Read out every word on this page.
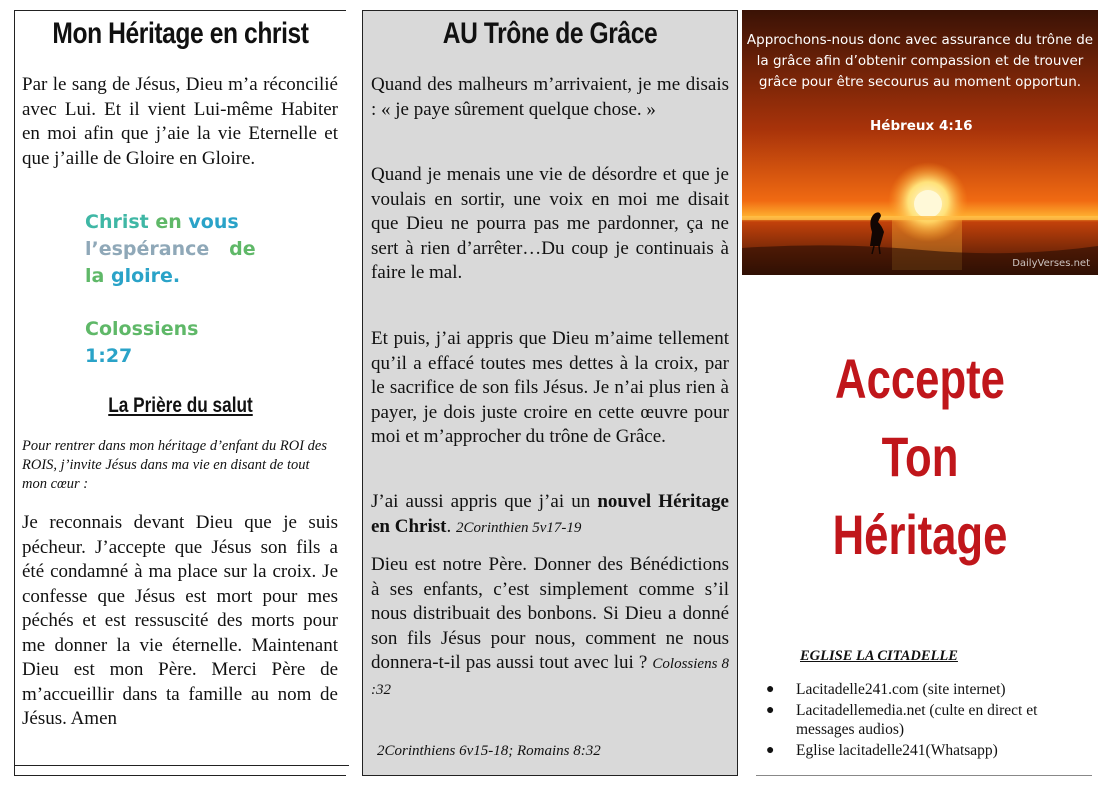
Mon Héritage en christ

Par le sang de Jésus, Dieu m’a réconcilié avec Lui. Et il vient Lui-même Habiter en moi afin que j’aie la vie Eternelle et que j’aille de Gloire en Gloire.

Christ en vous
l’espérance de
la gloire.
Colossiens
1:27
La Prière du salut
Pour rentrer dans mon héritage d’enfant du ROI des ROIS, j’invite Jésus dans ma vie en disant de tout mon cœur :

Je reconnais devant Dieu que je suis pécheur. J’accepte que Jésus son fils a été condamné à ma place sur la croix. Je confesse que Jésus est mort pour mes péchés et est ressuscité des morts pour me donner la vie éternelle. Maintenant Dieu est mon Père. Merci Père de m’accueillir dans ta famille au nom de Jésus. Amen

AU Trône de Grâce

Quand des malheurs m’arrivaient, je me disais : « je paye sûrement quelque chose. »

Quand je menais une vie de désordre et que je voulais en sortir, une voix en moi me disait que Dieu ne pourra pas me pardonner, ça ne sert à rien d’arrêter…Du coup je continuais à faire le mal.

Et puis, j’ai appris que Dieu m’aime tellement qu’il a effacé toutes mes dettes à la croix, par le sacrifice de son fils Jésus. Je n’ai plus rien à payer, je dois juste croire en cette œuvre pour moi et m’approcher du trône de Grâce.

J’ai aussi appris que j’ai un nouvel Héritage en Christ. 2Corinthien 5v17-19

Dieu est notre Père. Donner des Bénédictions à ses enfants, c’est simplement comme s’il nous distribuait des bonbons. Si Dieu a donné son fils Jésus pour nous, comment ne nous donnera-t-il pas aussi tout avec lui ? Colossiens 8 :32

2Corinthiens 6v15-18; Romains 8:32
Approchons-nous donc avec assurance du trône de la grâce afin d’obtenir compassion et de trouver grâce pour être secourus au moment opportun.
Hébreux 4:16
DailyVerses.net
Accepte
Ton
Héritage
EGLISE LA CITADELLE
● Lacitadelle241.com (site internet)
● Lacitadellemedia.net (culte en direct et messages audios)
● Eglise lacitadelle241(Whatsapp)
